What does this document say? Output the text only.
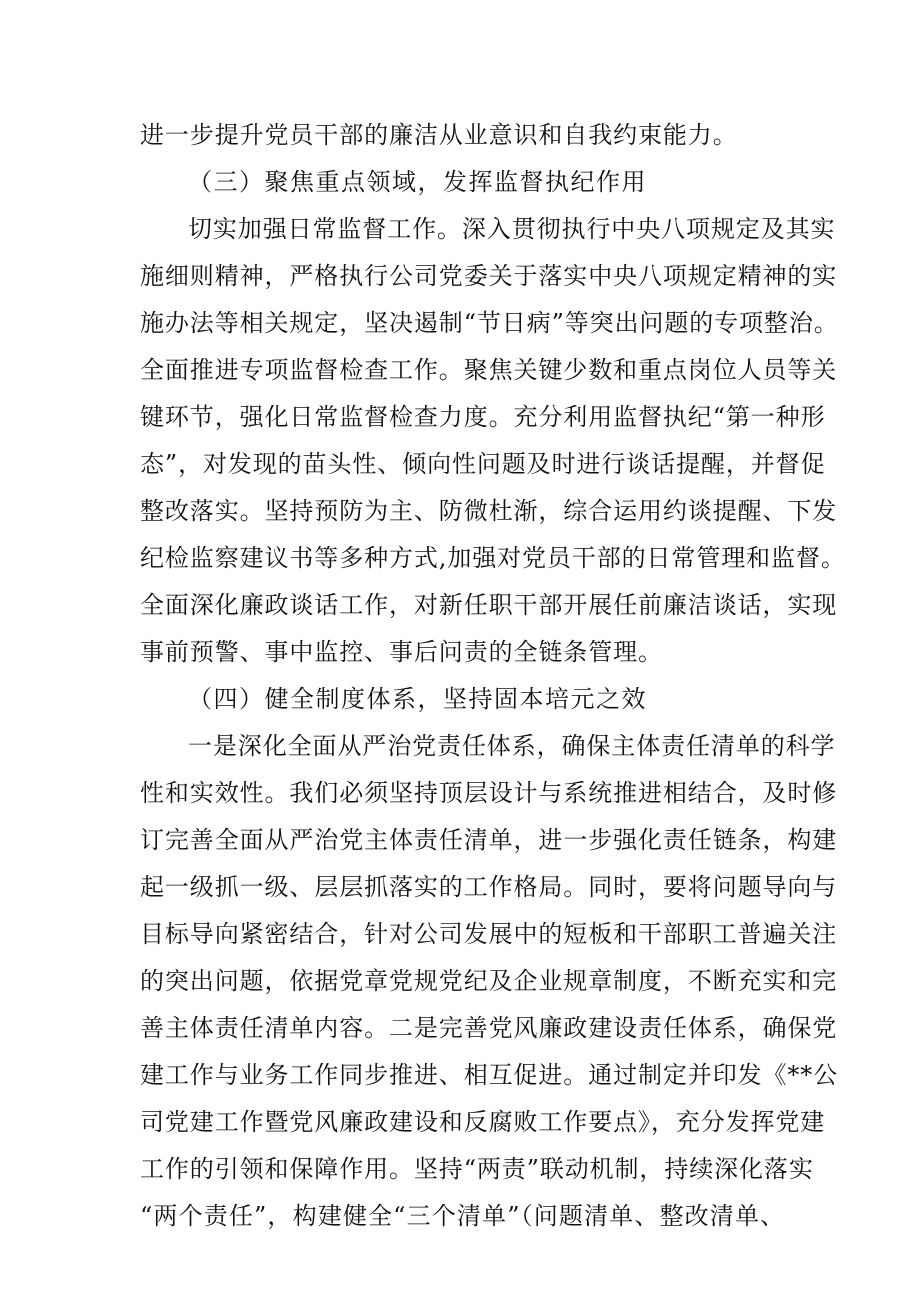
进一步提升党员干部的廉洁从业意识和自我约束能力。
（三）聚焦重点领域，发挥监督执纪作用
切实加强日常监督工作。深入贯彻执行中央八项规定及其实
施细则精神，严格执行公司党委关于落实中央八项规定精神的实
施办法等相关规定，坚决遏制“节日病”等突出问题的专项整治。
全面推进专项监督检查工作。聚焦关键少数和重点岗位人员等关
键环节，强化日常监督检查力度。充分利用监督执纪“第一种形
态”，对发现的苗头性、倾向性问题及时进行谈话提醒，并督促
整改落实。坚持预防为主、防微杜渐，综合运用约谈提醒、下发
纪检监察建议书等多种方式,加强对党员干部的日常管理和监督。
全面深化廉政谈话工作，对新任职干部开展任前廉洁谈话，实现
事前预警、事中监控、事后问责的全链条管理。
（四）健全制度体系，坚持固本培元之效
一是深化全面从严治党责任体系，确保主体责任清单的科学
性和实效性。我们必须坚持顶层设计与系统推进相结合，及时修
订完善全面从严治党主体责任清单，进一步强化责任链条，构建
起一级抓一级、层层抓落实的工作格局。同时，要将问题导向与
目标导向紧密结合，针对公司发展中的短板和干部职工普遍关注
的突出问题，依据党章党规党纪及企业规章制度，不断充实和完
善主体责任清单内容。二是完善党风廉政建设责任体系，确保党
建工作与业务工作同步推进、相互促进。通过制定并印发《**公
司党建工作暨党风廉政建设和反腐败工作要点》，充分发挥党建
工作的引领和保障作用。坚持“两责”联动机制，持续深化落实
“两个责任”，构建健全“三个清单”（问题清单、整改清单、
